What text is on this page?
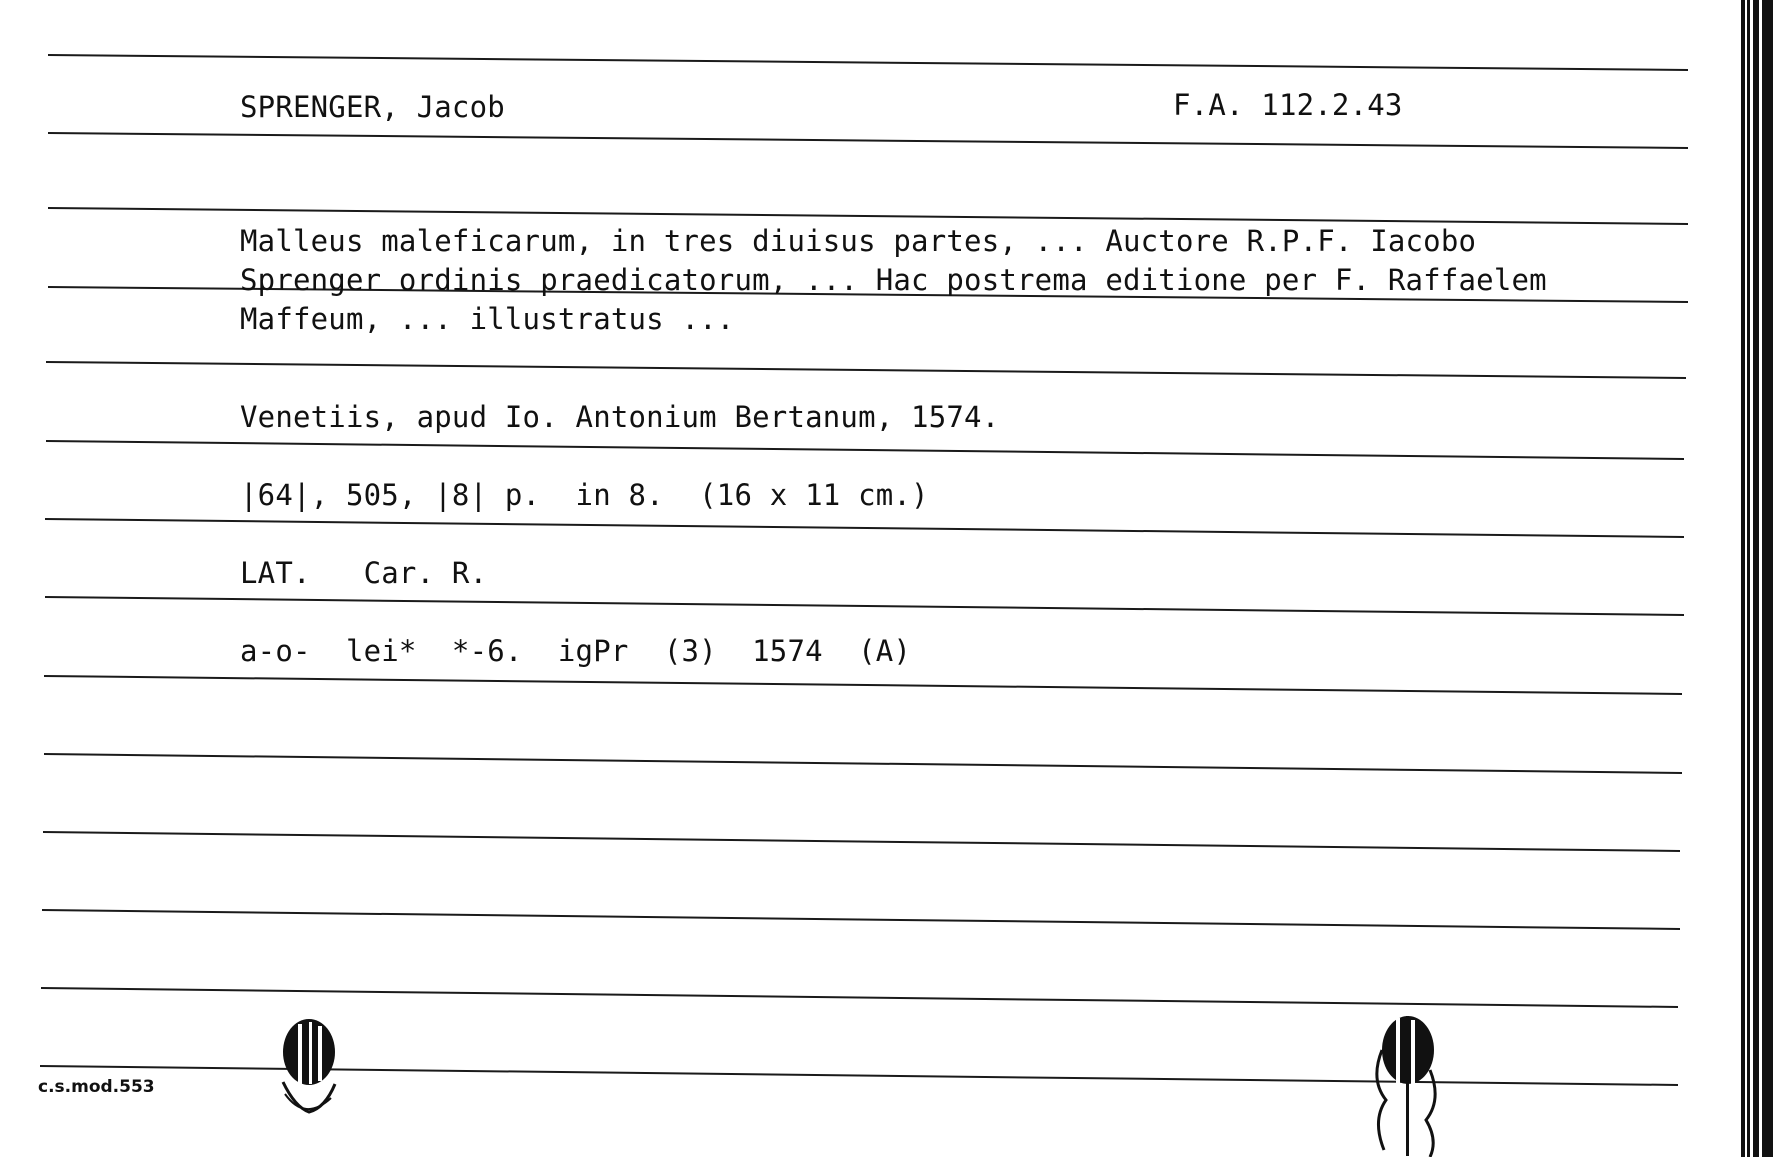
SPRENGER, Jacob	F.A. 112.2.43
Malleus maleficarum, in tres diuisus partes, ... Auctore R.P.F. Iacobo
Sprenger ordinis praedicatorum, ... Hac postrema editione per F. Raffaelem
Maffeum, ... illustratus ...
Venetiis, apud Io. Antonium Bertanum, 1574.
|64|, 505, |8| p.  in 8.  (16 x 11 cm.)
LAT.   Car. R.
a-o-  lei*  *-6.  igPr  (3)  1574  (A)
c.s.mod.553
